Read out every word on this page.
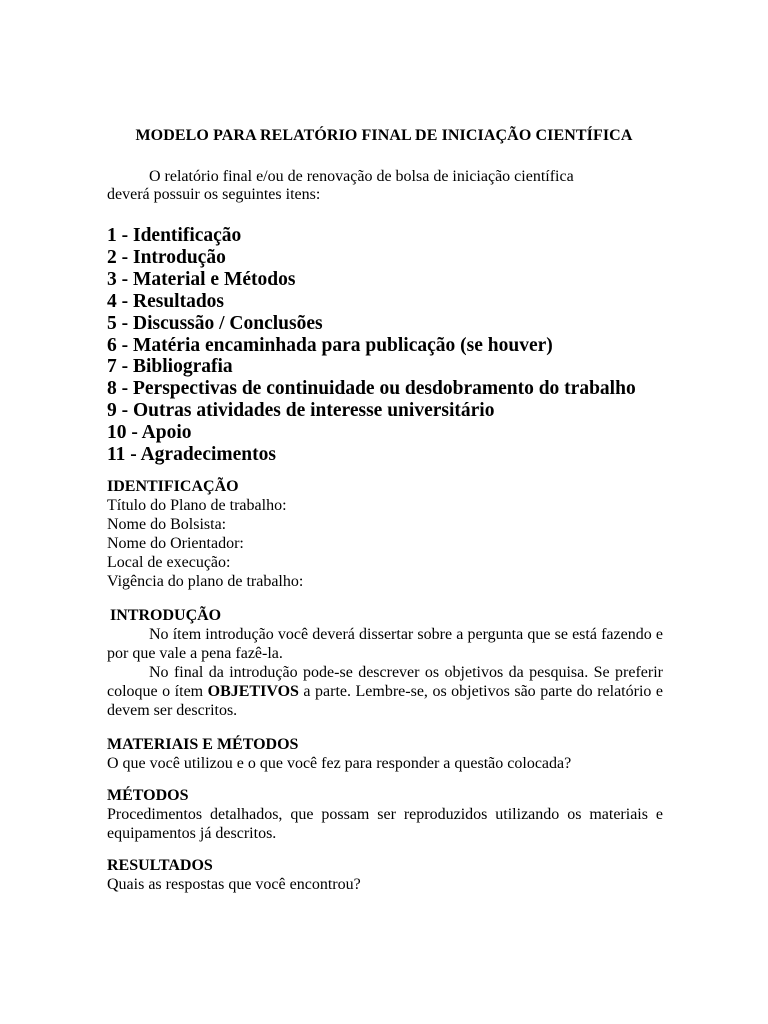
MODELO PARA RELATÓRIO FINAL DE INICIAÇÃO CIENTÍFICA
O relatório final e/ou de renovação de bolsa de iniciação científica
deverá possuir os seguintes itens:
1 - Identificação
2 - Introdução
3 - Material e Métodos
4 - Resultados
5 - Discussão / Conclusões
6 - Matéria encaminhada para publicação (se houver)
7 - Bibliografia
8 - Perspectivas de continuidade ou desdobramento do trabalho
9 - Outras atividades de interesse universitário
10 - Apoio
11 - Agradecimentos
IDENTIFICAÇÃO
Título do Plano de trabalho:
Nome do Bolsista:
Nome do Orientador:
Local de execução:
Vigência do plano de trabalho:
INTRODUÇÃO

No ítem introdução você deverá dissertar sobre a pergunta que se está fazendo e por que vale a pena fazê-la.

No final da introdução pode-se descrever os objetivos da pesquisa. Se preferir coloque o ítem OBJETIVOS a parte. Lembre-se, os objetivos são parte do relatório e devem ser descritos.

MATERIAIS E MÉTODOS

O que você utilizou e o que você fez para responder a questão colocada?

MÉTODOS

Procedimentos detalhados, que possam ser reproduzidos utilizando os materiais e equipamentos já descritos.

RESULTADOS

Quais as respostas que você encontrou?
